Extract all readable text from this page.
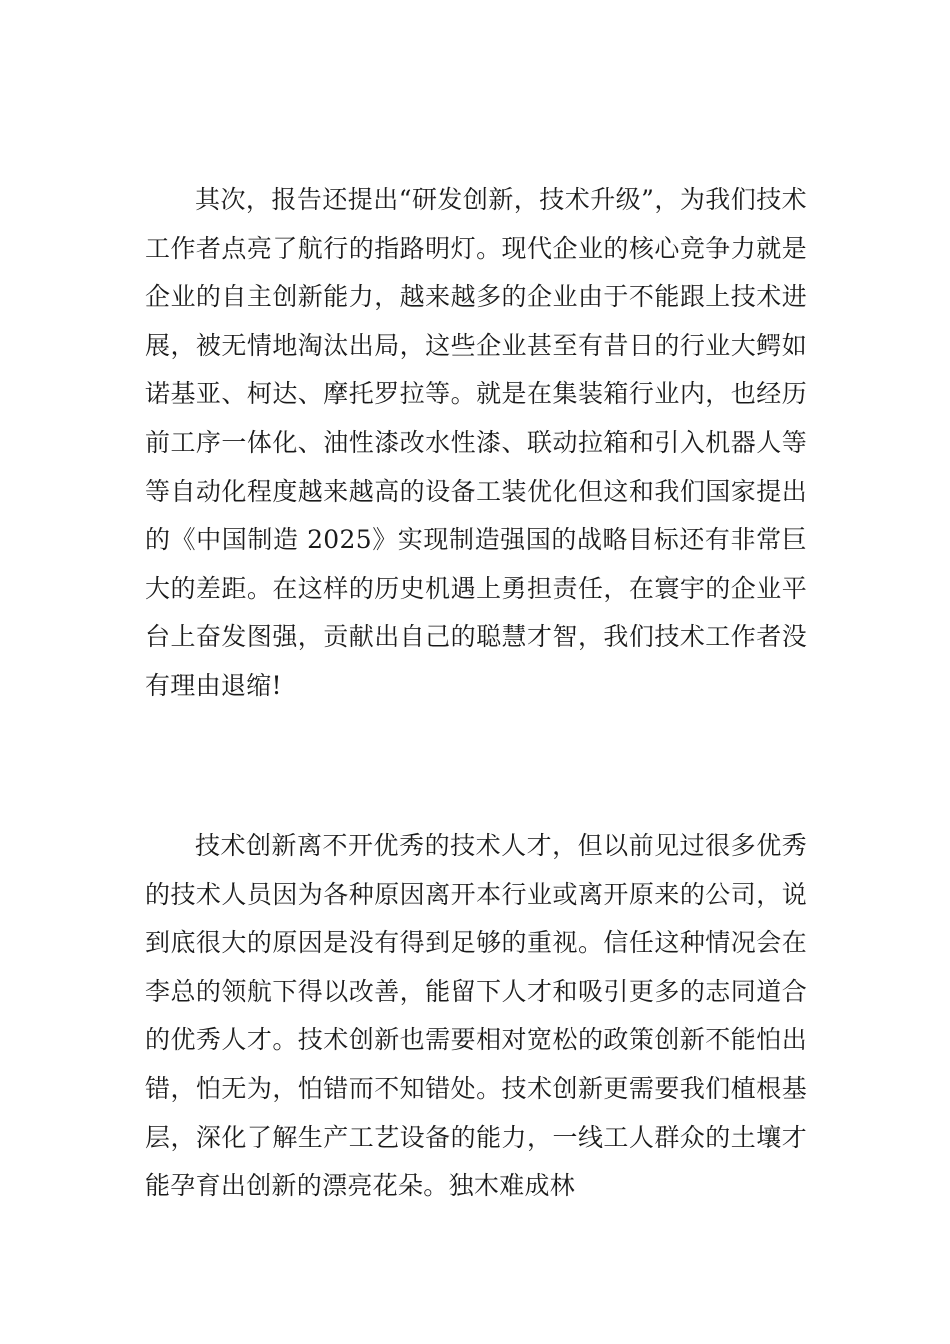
其次，报告还提出“研发创新，技术升级”，为我们技术工作者点亮了航行的指路明灯。现代企业的核心竞争力就是企业的自主创新能力，越来越多的企业由于不能跟上技术进展，被无情地淘汰出局，这些企业甚至有昔日的行业大鳄如诺基亚、柯达、摩托罗拉等。就是在集装箱行业内，也经历前工序一体化、油性漆改水性漆、联动拉箱和引入机器人等等自动化程度越来越高的设备工装优化但这和我们国家提出的《中国制造 2025》实现制造强国的战略目标还有非常巨大的差距。在这样的历史机遇上勇担责任，在寰宇的企业平台上奋发图强，贡献出自己的聪慧才智，我们技术工作者没有理由退缩!

技术创新离不开优秀的技术人才，但以前见过很多优秀的技术人员因为各种原因离开本行业或离开原来的公司，说到底很大的原因是没有得到足够的重视。信任这种情况会在李总的领航下得以改善，能留下人才和吸引更多的志同道合的优秀人才。技术创新也需要相对宽松的政策创新不能怕出错，怕无为，怕错而不知错处。技术创新更需要我们植根基层，深化了解生产工艺设备的能力，一线工人群众的土壤才能孕育出创新的漂亮花朵。独木难成林
